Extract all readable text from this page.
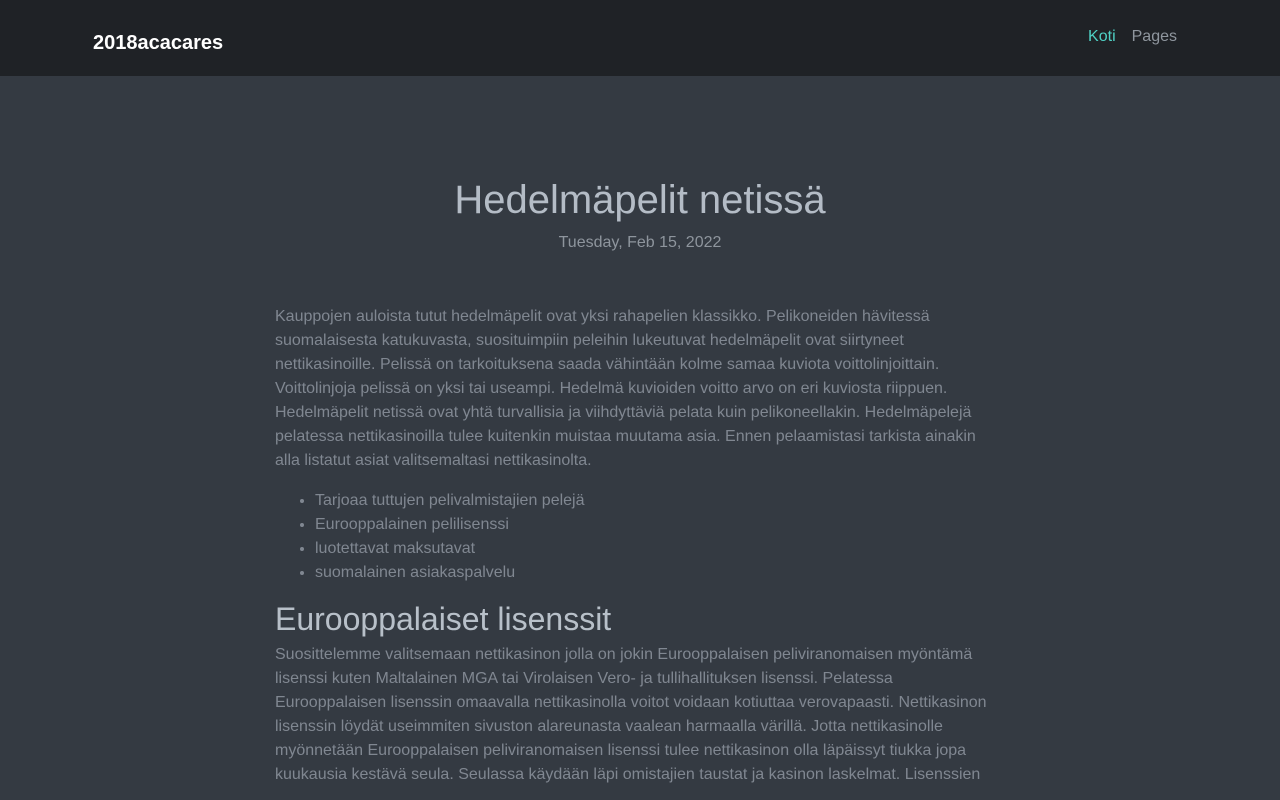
2018acacares	Koti Pages
Hedelmäpelit netissä
Tuesday, Feb 15, 2022

Kauppojen auloista tutut hedelmäpelit ovat yksi rahapelien klassikko. Pelikoneiden hävitessä suomalaisesta katukuvasta, suosituimpiin peleihin lukeutuvat hedelmäpelit ovat siirtyneet nettikasinoille. Pelissä on tarkoituksena saada vähintään kolme samaa kuviota voittolinjoittain. Voittolinjoja pelissä on yksi tai useampi. Hedelmä kuvioiden voitto arvo on eri kuviosta riippuen. Hedelmäpelit netissä ovat yhtä turvallisia ja viihdyttäviä pelata kuin pelikoneellakin. Hedelmäpelejä pelatessa nettikasinoilla tulee kuitenkin muistaa muutama asia. Ennen pelaamistasi tarkista ainakin alla listatut asiat valitsemaltasi nettikasinolta.

• Tarjoaa tuttujen pelivalmistajien pelejä
• Eurooppalainen pelilisenssi
• luotettavat maksutavat
• suomalainen asiakaspalvelu
Eurooppalaiset lisenssit

Suosittelemme valitsemaan nettikasinon jolla on jokin Eurooppalaisen peliviranomaisen myöntämä lisenssi kuten Maltalainen MGA tai Virolaisen Vero- ja tullihallituksen lisenssi. Pelatessa Eurooppalaisen lisenssin omaavalla nettikasinolla voitot voidaan kotiuttaa verovapaasti. Nettikasinon lisenssin löydät useimmiten sivuston alareunasta vaalean harmaalla värillä. Jotta nettikasinolle myönnetään Eurooppalaisen peliviranomaisen lisenssi tulee nettikasinon olla läpäissyt tiukka jopa kuukausia kestävä seula. Seulassa käydään läpi omistajien taustat ja kasinon laskelmat. Lisenssien
